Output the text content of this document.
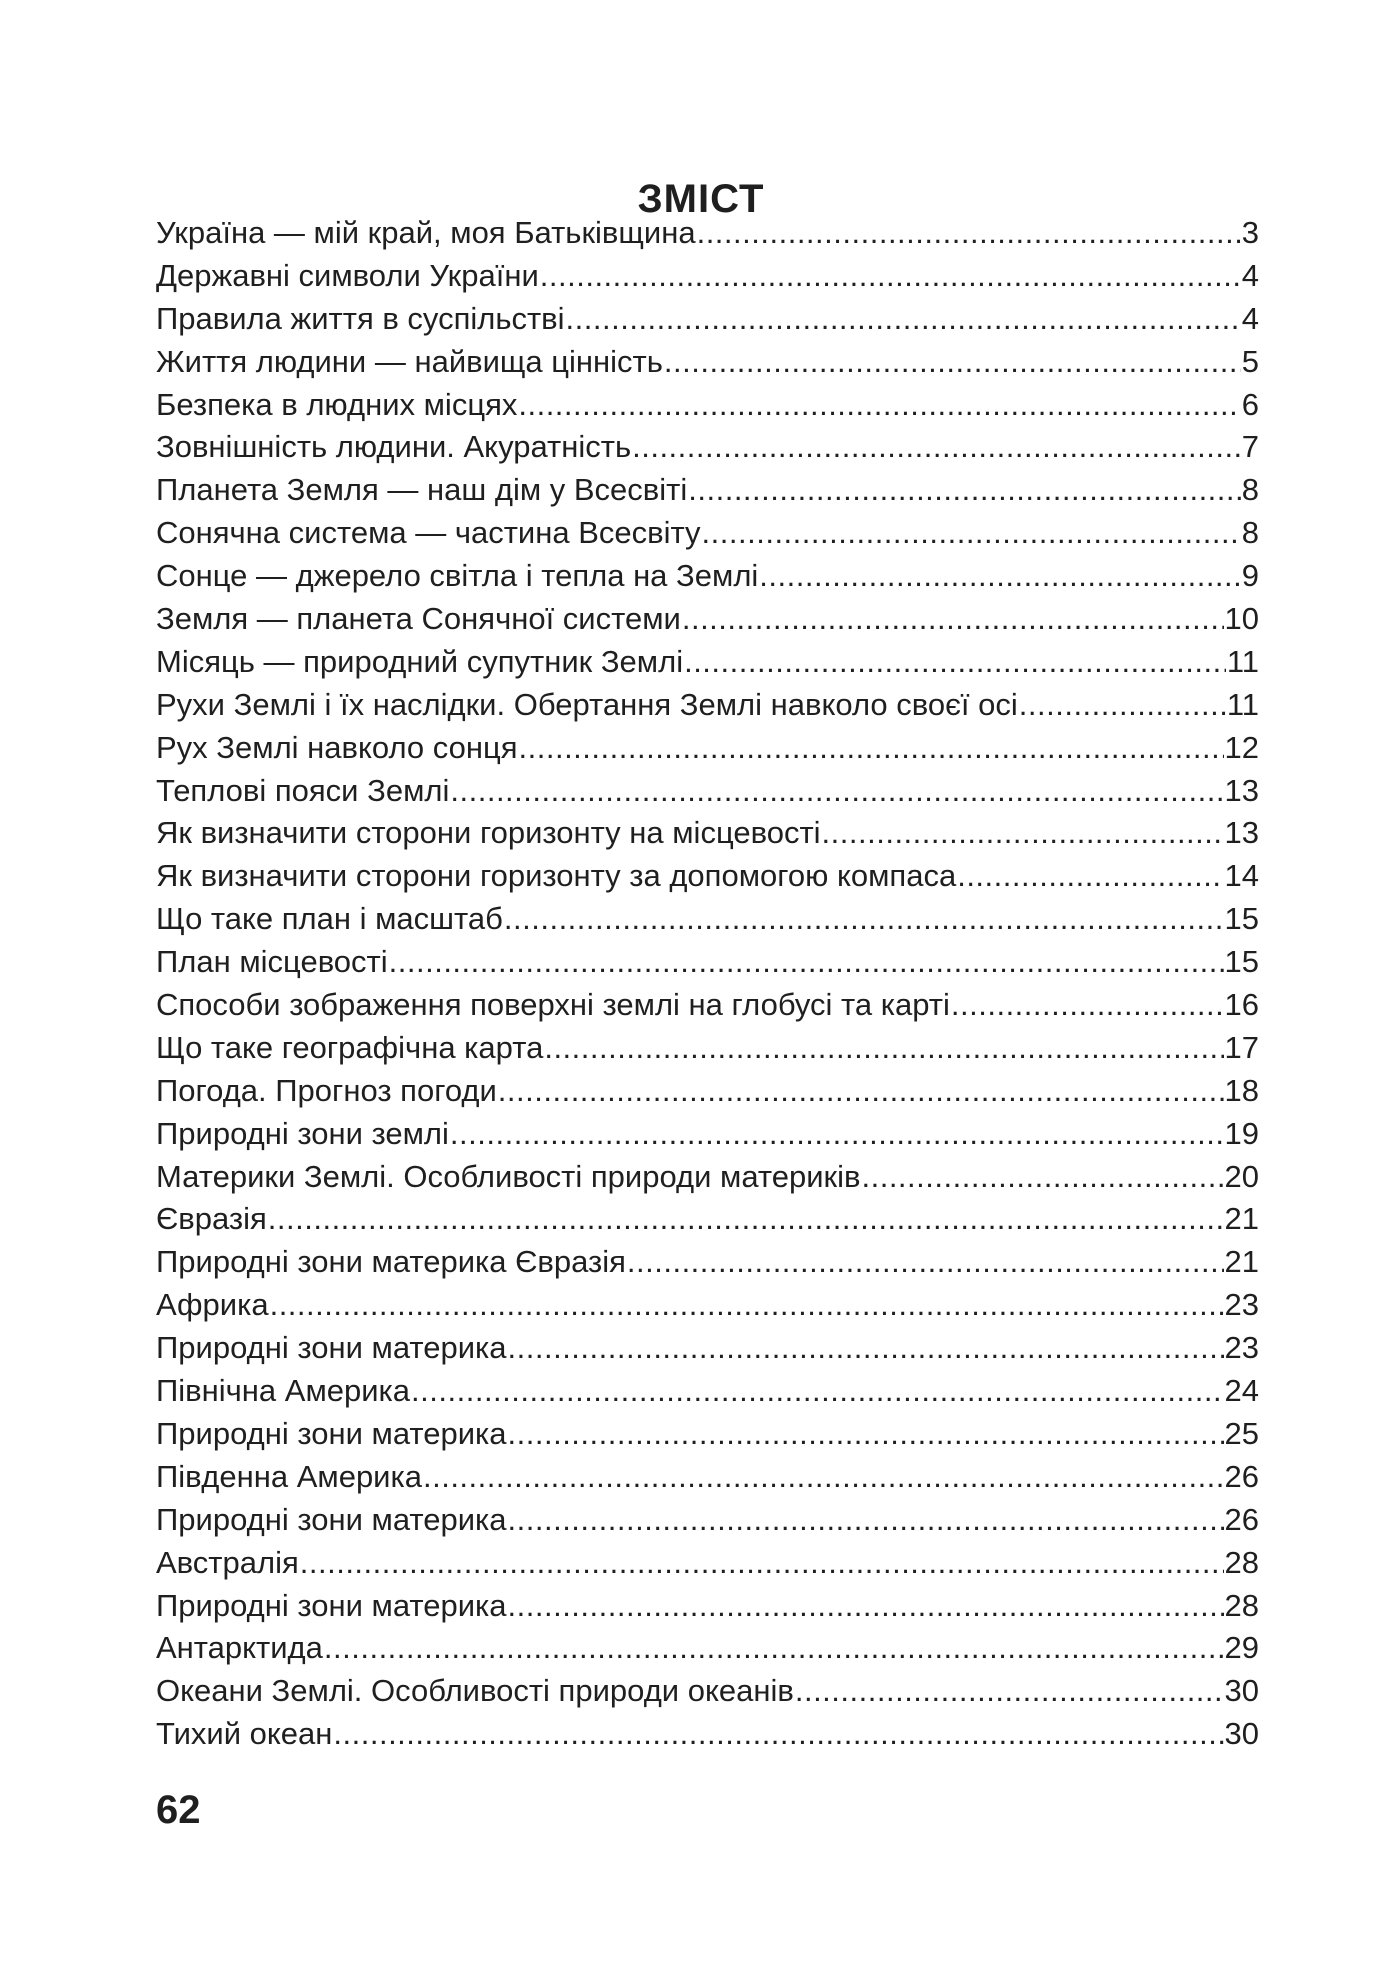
ЗМІСТ
Україна — мій край, моя Батьківщина .....	3
Державні символи України .....	4
Правила життя в суспільстві .....	4
Життя людини — найвища цінність .....	5
Безпека в людних місцях .....	6
Зовнішність людини. Акуратність .....	7
Планета Земля — наш дім у Всесвіті .....	8
Сонячна система — частина Всесвіту .....	8
Сонце — джерело світла і тепла на Землі .....	9
Земля — планета Сонячної системи .....	10
Місяць — природний супутник Землі .....	11
Рухи Землі і їх наслідки. Обертання Землі навколо своєї осі .....	11
Рух Землі навколо сонця .....	12
Теплові пояси Землі .....	13
Як визначити сторони горизонту на місцевості .....	13
Як визначити сторони горизонту за допомогою компаса .....	14
Що таке план і масштаб .....	15
План місцевості .....	15
Способи зображення поверхні землі на глобусі та карті .....	16
Що таке географічна карта .....	17
Погода. Прогноз погоди .....	18
Природні зони землі .....	19
Материки Землі. Особливості природи материків .....	20
Євразія .....	21
Природні зони материка Євразія .....	21
Африка .....	23
Природні зони материка .....	23
Північна Америка .....	24
Природні зони материка .....	25
Південна Америка .....	26
Природні зони материка .....	26
Австралія .....	28
Природні зони материка .....	28
Антарктида .....	29
Океани Землі. Особливості природи океанів .....	30
Тихий океан .....	30
62
